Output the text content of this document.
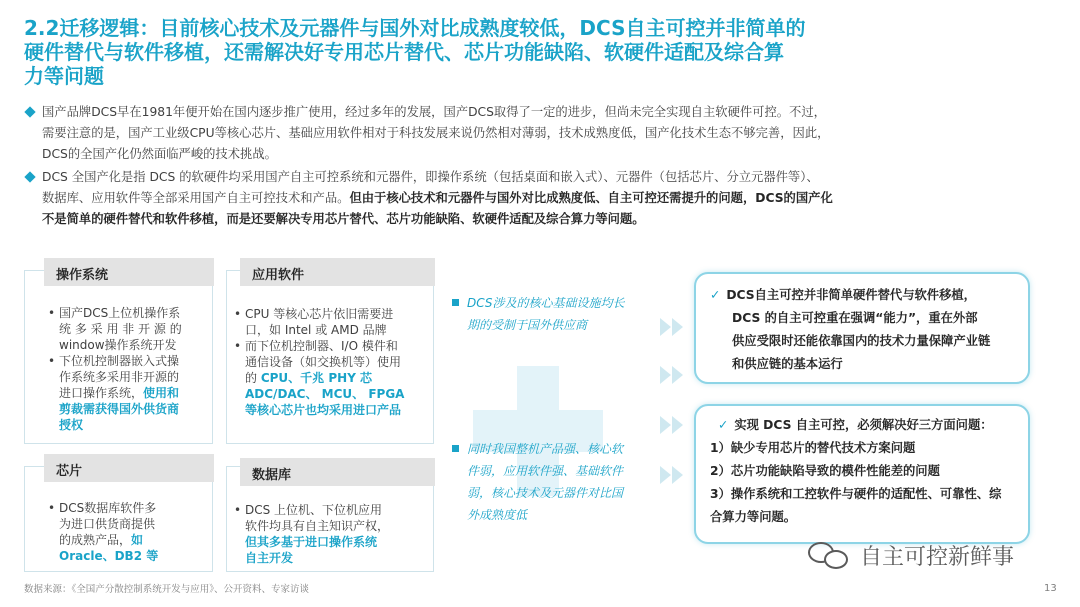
2.2迁移逻辑：目前核心技术及元器件与国外对比成熟度较低，DCS自主可控并非简单的
硬件替代与软件移植，还需解决好专用芯片替代、芯片功能缺陷、软硬件适配及综合算
力等问题
国产品牌DCS早在1981年便开始在国内逐步推广使用，经过多年的发展，国产DCS取得了一定的进步，但尚未完全实现自主软硬件可控。不过，
需要注意的是，国产工业级CPU等核心芯片、基础应用软件相对于科技发展来说仍然相对薄弱，技术成熟度低，国产化技术生态不够完善，因此，
DCS的全国产化仍然面临严峻的技术挑战。
DCS 全国产化是指 DCS 的软硬件均采用国产自主可控系统和元器件，即操作系统（包括桌面和嵌入式）、元器件（包括芯片、分立元器件等）、
数据库、应用软件等全部采用国产自主可控技术和产品。但由于核心技术和元器件与国外对比成熟度低、自主可控还需提升的问题，DCS的国产化
不是简单的硬件替代和软件移植，而是还要解决专用芯片替代、芯片功能缺陷、软硬件适配及综合算力等问题。
操作系统
• 国产DCS上位机操作系
统 多 采 用 非 开 源 的
window操作系统开发
• 下位机控制器嵌入式操
作系统多采用非开源的
进口操作系统，使用和
剪裁需获得国外供货商
授权
应用软件
• CPU 等核心芯片依旧需要进
口，如 Intel 或 AMD 品牌
• 而下位机控制器、I/O 模件和
通信设备（如交换机等）使用
的 CPU、千兆 PHY 芯
ADC/DAC、 MCU、 FPGA
等核心芯片也均采用进口产品
芯片
• DCS数据库软件多
为进口供货商提供
的成熟产品，如
Oracle、DB2 等
数据库
• DCS 上位机、下位机应用
软件均具有自主知识产权，
但其多基于进口操作系统
自主开发
DCS涉及的核心基础设施均长
期的受制于国外供应商
同时我国整机产品强、核心软
件弱，应用软件强、基础软件
弱，核心技术及元器件对比国
外成熟度低
✓ DCS自主可控并非简单硬件替代与软件移植，
DCS 的自主可控重在强调“能力”，重在外部
供应受限时还能依靠国内的技术力量保障产业链
和供应链的基本运行
✓ 实现 DCS 自主可控，必须解决好三方面问题：
1）缺少专用芯片的替代技术方案问题
2）芯片功能缺陷导致的模件性能差的问题
3）操作系统和工控软件与硬件的适配性、可靠性、综
合算力等问题。
自主可控新鲜事
数据来源：《全国产分散控制系统开发与应用》、公开资料、专家访谈	13
